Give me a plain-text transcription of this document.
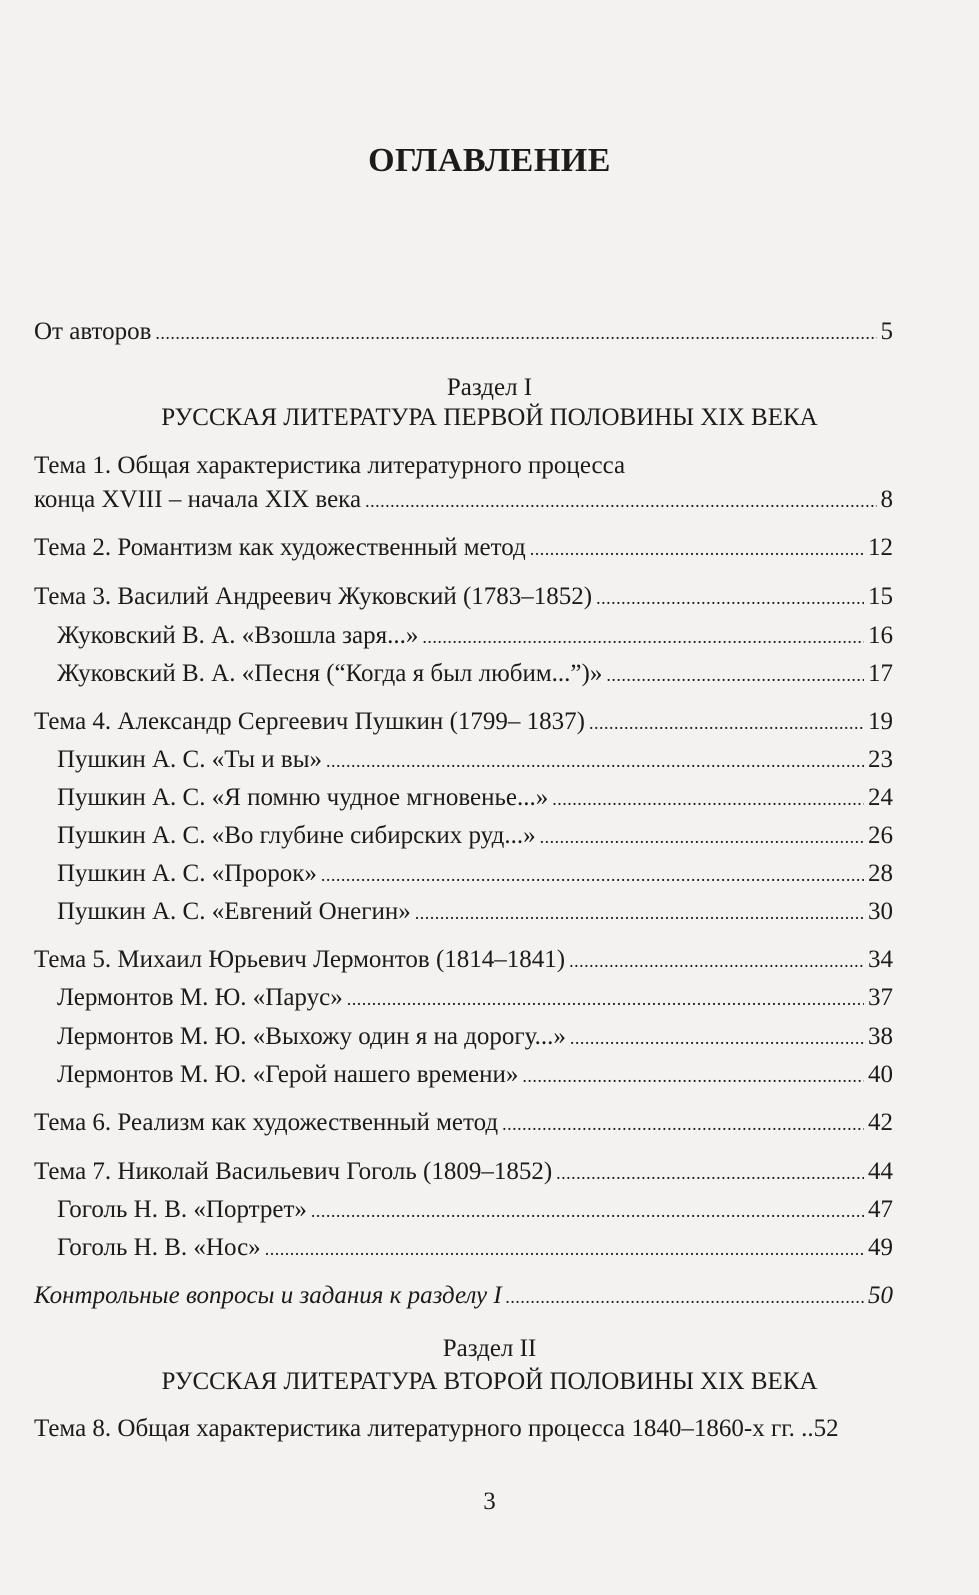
ОГЛАВЛЕНИЕ
От авторов . . .	5
Раздел I
РУССКАЯ ЛИТЕРАТУРА ПЕРВОЙ ПОЛОВИНЫ XIX ВЕКА
Тема 1. Общая характеристика литературного процесса
конца XVIII – начала XIX века . . .	8
Тема 2. Романтизм как художественный метод . . .	12
Тема 3. Василий Андреевич Жуковский (1783–1852) . . .	15
Жуковский В. А. «Взошла заря...» . . .	16
Жуковский В. А. «Песня (“Когда я был любим...”)» . . .	17
Тема 4. Александр Сергеевич Пушкин (1799– 1837) . . .	19
Пушкин А. С. «Ты и вы» . . .	23
Пушкин А. С. «Я помню чудное мгновенье...» . . .	24
Пушкин А. С. «Во глубине сибирских руд...» . . .	26
Пушкин А. С. «Пророк» . . .	28
Пушкин А. С. «Евгений Онегин» . . .	30
Тема 5. Михаил Юрьевич Лермонтов (1814–1841) . . .	34
Лермонтов М. Ю. «Парус» . . .	37
Лермонтов М. Ю. «Выхожу один я на дорогу...» . . .	38
Лермонтов М. Ю. «Герой нашего времени» . . .	40
Тема 6. Реализм как художественный метод . . .	42
Тема 7. Николай Васильевич Гоголь (1809–1852) . . .	44
Гоголь Н. В. «Портрет» . . .	47
Гоголь Н. В. «Нос» . . .	49
Контрольные вопросы и задания к разделу I . . .	50
Раздел II
РУССКАЯ ЛИТЕРАТУРА ВТОРОЙ ПОЛОВИНЫ XIX ВЕКА
Тема 8. Общая характеристика литературного процесса 1840–1860-х гг. ..52
3
